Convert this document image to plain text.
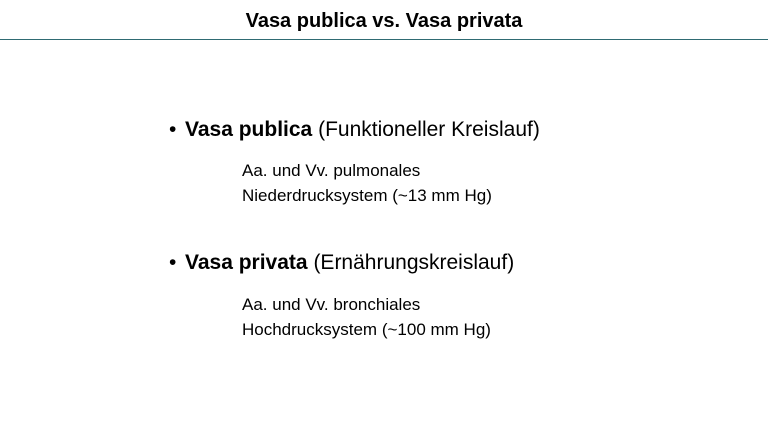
Vasa publica vs. Vasa privata
• Vasa publica (Funktioneller Kreislauf)
Aa. und Vv. pulmonales
Niederdrucksystem (~13 mm Hg)
• Vasa privata (Ernährungskreislauf)
Aa. und Vv. bronchiales
Hochdrucksystem (~100 mm Hg)
